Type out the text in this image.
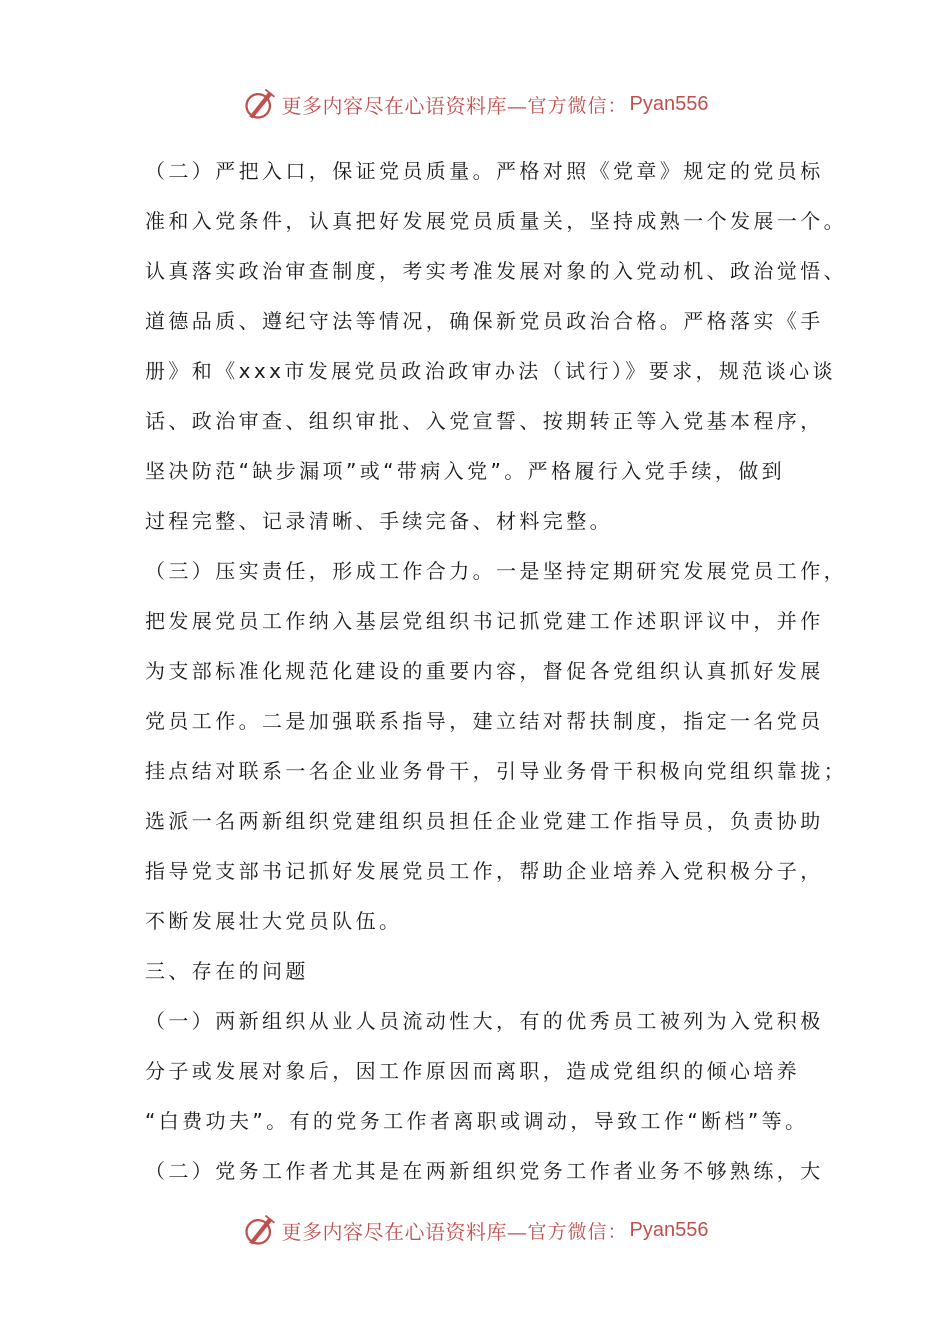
更多内容尽在心语资料库— 官方微信： Pyan556
（二）严把入口，保证党员质量。严格对照《党章》规定的党员标
准和入党条件，认真把好发展党员质量关，坚持成熟一个发展一个。
认真落实政治审查制度，考实考准发展对象的入党动机、政治觉悟、
道德品质、遵纪守法等情况，确保新党员政治合格。严格落实《手
册》和《xxx市发展党员政治政审办法（试行）》要求，规范谈心谈
话、政治审查、组织审批、入党宣誓、按期转正等入党基本程序，
坚决防范“缺步漏项”或“带病入党”。严格履行入党手续，做到
过程完整、记录清晰、手续完备、材料完整。
（三）压实责任，形成工作合力。一是坚持定期研究发展党员工作，
把发展党员工作纳入基层党组织书记抓党建工作述职评议中，并作
为支部标准化规范化建设的重要内容，督促各党组织认真抓好发展
党员工作。二是加强联系指导，建立结对帮扶制度，指定一名党员
挂点结对联系一名企业业务骨干，引导业务骨干积极向党组织靠拢；
选派一名两新组织党建组织员担任企业党建工作指导员，负责协助
指导党支部书记抓好发展党员工作，帮助企业培养入党积极分子，
不断发展壮大党员队伍。
三、存在的问题
（一）两新组织从业人员流动性大，有的优秀员工被列为入党积极
分子或发展对象后，因工作原因而离职，造成党组织的倾心培养
“白费功夫”。有的党务工作者离职或调动，导致工作“断档”等。
（二）党务工作者尤其是在两新组织党务工作者业务不够熟练，大
更多内容尽在心语资料库— 官方微信： Pyan556
